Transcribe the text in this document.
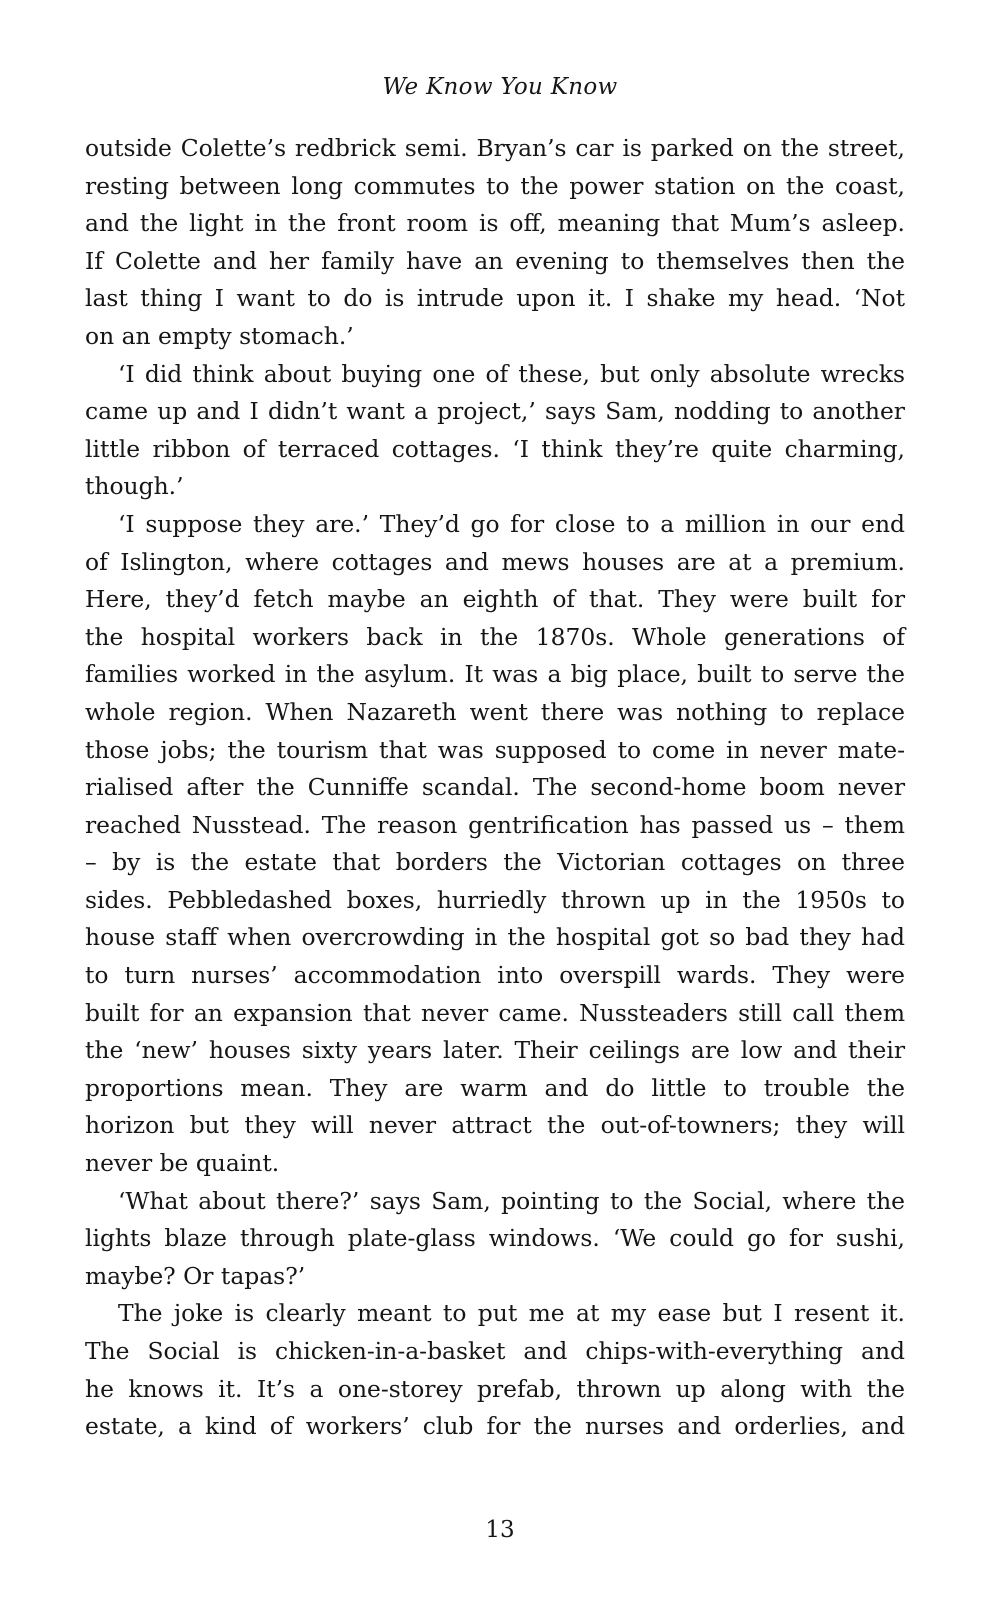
We Know You Know

outside Colette’s redbrick semi. Bryan’s car is parked on the street,
resting between long commutes to the power station on the coast,
and the light in the front room is off, meaning that Mum’s asleep.
If Colette and her family have an evening to themselves then the
last thing I want to do is intrude upon it. I shake my head. ‘Not
on an empty stomach.’

‘I did think about buying one of these, but only absolute wrecks
came up and I didn’t want a project,’ says Sam, nodding to another
little ribbon of terraced cottages. ‘I think they’re quite charming,
though.’

‘I suppose they are.’ They’d go for close to a million in our end
of Islington, where cottages and mews houses are at a premium.
Here, they’d fetch maybe an eighth of that. They were built for
the hospital workers back in the 1870s. Whole generations of
families worked in the asylum. It was a big place, built to serve the
whole region. When Nazareth went there was nothing to replace
those jobs; the tourism that was supposed to come in never mate-
rialised after the Cunniffe scandal. The second-home boom never
reached Nusstead. The reason gentrification has passed us – them
– by is the estate that borders the Victorian cottages on three
sides. Pebbledashed boxes, hurriedly thrown up in the 1950s to
house staff when overcrowding in the hospital got so bad they had
to turn nurses’ accommodation into overspill wards. They were
built for an expansion that never came. Nussteaders still call them
the ‘new’ houses sixty years later. Their ceilings are low and their
proportions mean. They are warm and do little to trouble the
horizon but they will never attract the out-of-towners; they will
never be quaint.

‘What about there?’ says Sam, pointing to the Social, where the
lights blaze through plate-glass windows. ‘We could go for sushi,
maybe? Or tapas?’

The joke is clearly meant to put me at my ease but I resent it.
The Social is chicken-in-a-basket and chips-with-everything and
he knows it. It’s a one-storey prefab, thrown up along with the
estate, a kind of workers’ club for the nurses and orderlies, and

13
